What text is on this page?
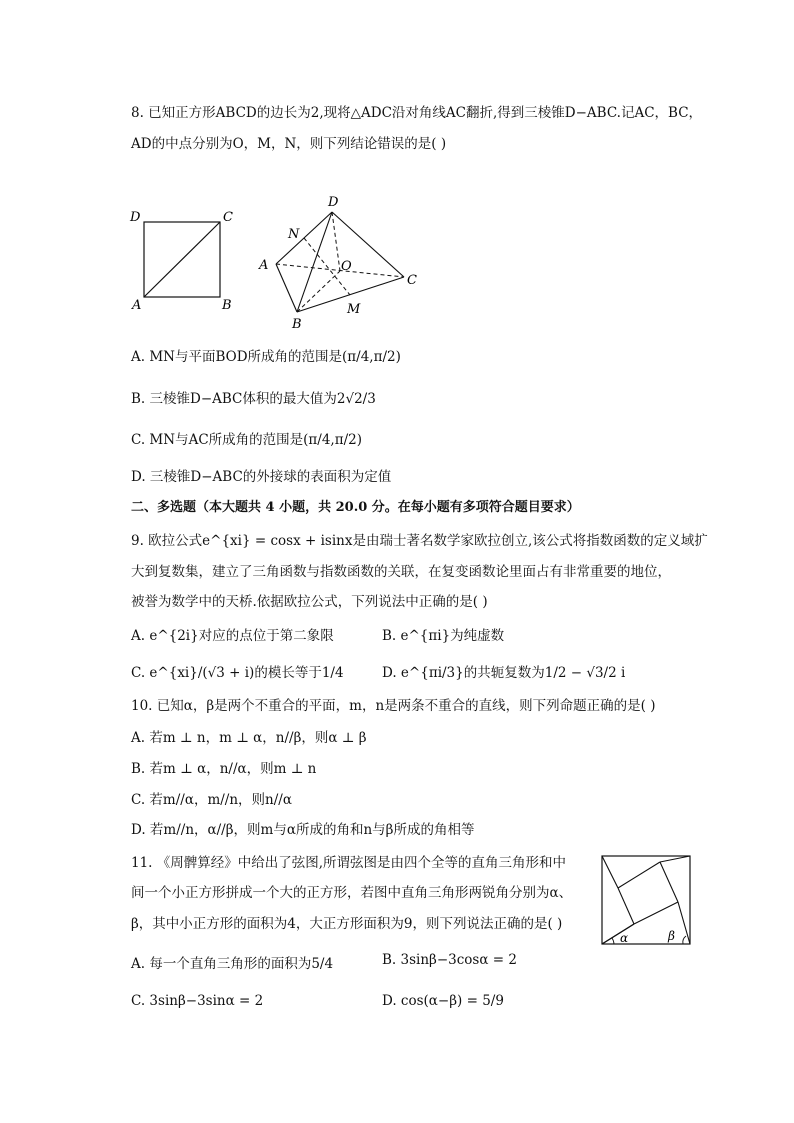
8. 已知正方形ABCD的边长为2,现将△ADC沿对角线AC翻折,得到三棱锥D−ABC.记AC，BC，
AD的中点分别为O，M，N，则下列结论错误的是( )
D	C
A	B
D
N
A	O
C
B
M
A. MN与平面BOD所成角的范围是(π/4,π/2)
B. 三棱锥D−ABC体积的最大值为2√2/3
C. MN与AC所成角的范围是(π/4,π/2)
D. 三棱锥D−ABC的外接球的表面积为定值
二、多选题（本大题共 4 小题，共 20.0 分。在每小题有多项符合题目要求）
9. 欧拉公式e^{xi} = cosx + isinx是由瑞士著名数学家欧拉创立,该公式将指数函数的定义域扩
大到复数集，建立了三角函数与指数函数的关联，在复变函数论里面占有非常重要的地位，
被誉为数学中的天桥.依据欧拉公式，下列说法中正确的是( )
A. e^{2i}对应的点位于第二象限	B. e^{πi}为纯虚数
C. e^{xi}/(√3 + i)的模长等于1/4	D. e^{πi/3}的共轭复数为1/2 − √3/2 i
10. 已知α，β是两个不重合的平面，m，n是两条不重合的直线，则下列命题正确的是( )
A. 若m ⊥ n，m ⊥ α，n//β，则α ⊥ β
B. 若m ⊥ α，n//α，则m ⊥ n
C. 若m//α，m//n，则n//α
D. 若m//n，α//β，则m与α所成的角和n与β所成的角相等
11. 《周髀算经》中给出了弦图,所谓弦图是由四个全等的直角三角形和中
间一个小正方形拼成一个大的正方形，若图中直角三角形两锐角分别为α、
β，其中小正方形的面积为4，大正方形面积为9，则下列说法正确的是( )
α	β
A. 每一个直角三角形的面积为5/4	B. 3sinβ−3cosα = 2
C. 3sinβ−3sinα = 2	D. cos(α−β) = 5/9
